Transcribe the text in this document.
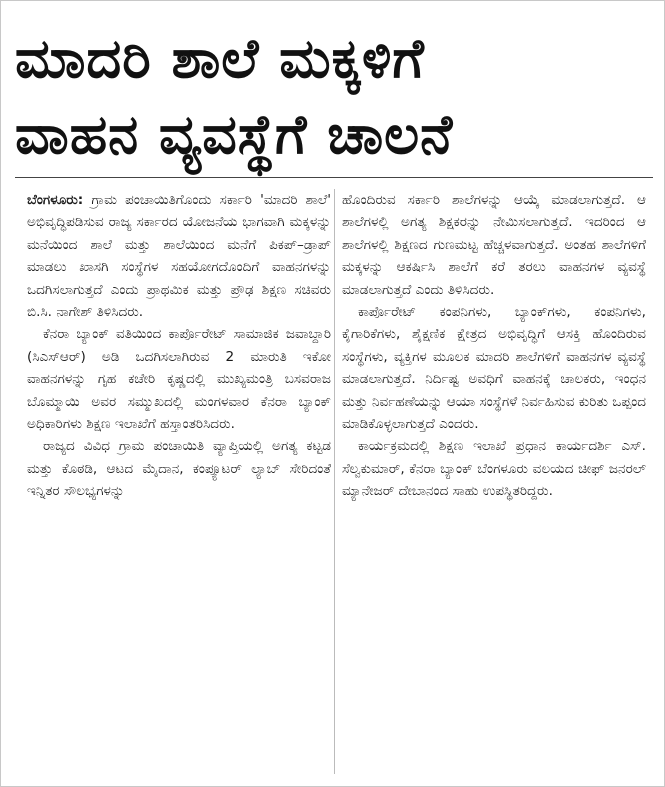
ಮಾದರಿ ಶಾಲೆ ಮಕ್ಕಳಿಗೆ
ವಾಹನ ವ್ಯವಸ್ಥೆಗೆ ಚಾಲನೆ

ಬೆಂಗಳೂರು: ಗ್ರಾಮ ಪಂಚಾಯಿತಿಗೊಂದು ಸರ್ಕಾರಿ 'ಮಾದರಿ ಶಾಲೆ' ಅಭಿವೃದ್ಧಿಪಡಿಸುವ ರಾಜ್ಯ ಸರ್ಕಾರದ ಯೋಜನೆಯ ಭಾಗವಾಗಿ ಮಕ್ಕಳನ್ನು ಮನೆಯಿಂದ ಶಾಲೆ ಮತ್ತು ಶಾಲೆಯಿಂದ ಮನೆಗೆ ಪಿಕಪ್–ಡ್ರಾಪ್ ಮಾಡಲು ಖಾಸಗಿ ಸಂಸ್ಥೆಗಳ ಸಹಯೋಗದೊಂದಿಗೆ ವಾಹನಗಳನ್ನು ಒದಗಿಸಲಾಗುತ್ತದೆ ಎಂದು ಪ್ರಾಥಮಿಕ ಮತ್ತು ಪ್ರೌಢ ಶಿಕ್ಷಣ ಸಚಿವರು ಬಿ.ಸಿ. ನಾಗೇಶ್ ತಿಳಿಸಿದರು.

ಕೆನರಾ ಬ್ಯಾಂಕ್ ವತಿಯಿಂದ ಕಾರ್ಪೊರೇಟ್ ಸಾಮಾಜಿಕ ಜವಾಬ್ದಾರಿ (ಸಿಎಸ್ಆರ್) ಅಡಿ ಒದಗಿಸಲಾಗಿರುವ 2 ಮಾರುತಿ ಇಕೋ ವಾಹನಗಳನ್ನು ಗೃಹ ಕಚೇರಿ ಕೃಷ್ಣದಲ್ಲಿ ಮುಖ್ಯಮಂತ್ರಿ ಬಸವರಾಜ ಬೊಮ್ಮಾಯಿ ಅವರ ಸಮ್ಮುಖದಲ್ಲಿ ಮಂಗಳವಾರ ಕೆನರಾ ಬ್ಯಾಂಕ್ ಅಧಿಕಾರಿಗಳು ಶಿಕ್ಷಣ ಇಲಾಖೆಗೆ ಹಸ್ತಾಂತರಿಸಿದರು.

ರಾಜ್ಯದ ವಿವಿಧ ಗ್ರಾಮ ಪಂಚಾಯಿತಿ ವ್ಯಾಪ್ತಿಯಲ್ಲಿ ಅಗತ್ಯ ಕಟ್ಟಡ ಮತ್ತು ಕೊಠಡಿ, ಆಟದ ಮೈದಾನ, ಕಂಪ್ಯೂಟರ್ ಲ್ಯಾಬ್ ಸೇರಿದಂತೆ ಇನ್ನಿತರ ಸೌಲಭ್ಯಗಳನ್ನು

ಹೊಂದಿರುವ ಸರ್ಕಾರಿ ಶಾಲೆಗಳನ್ನು ಆಯ್ಕೆ ಮಾಡಲಾಗುತ್ತದೆ. ಆ ಶಾಲೆಗಳಲ್ಲಿ ಅಗತ್ಯ ಶಿಕ್ಷಕರನ್ನು ನೇಮಿಸಲಾಗುತ್ತದೆ. ಇದರಿಂದ ಆ ಶಾಲೆಗಳಲ್ಲಿ ಶಿಕ್ಷಣದ ಗುಣಮಟ್ಟ ಹೆಚ್ಚಳವಾಗುತ್ತದೆ. ಅಂತಹ ಶಾಲೆಗಳಿಗೆ ಮಕ್ಕಳನ್ನು ಆಕರ್ಷಿಸಿ ಶಾಲೆಗೆ ಕರೆ ತರಲು ವಾಹನಗಳ ವ್ಯವಸ್ಥೆ ಮಾಡಲಾಗುತ್ತದೆ ಎಂದು ತಿಳಿಸಿದರು.

ಕಾರ್ಪೊರೇಟ್ ಕಂಪನಿಗಳು, ಬ್ಯಾಂಕ್‌ಗಳು, ಕಂಪನಿಗಳು, ಕೈಗಾರಿಕೆಗಳು, ಶೈಕ್ಷಣಿಕ ಕ್ಷೇತ್ರದ ಅಭಿವೃದ್ಧಿಗೆ ಆಸಕ್ತಿ ಹೊಂದಿರುವ ಸಂಸ್ಥೆಗಳು, ವ್ಯಕ್ತಿಗಳ ಮೂಲಕ ಮಾದರಿ ಶಾಲೆಗಳಿಗೆ ವಾಹನಗಳ ವ್ಯವಸ್ಥೆ ಮಾಡಲಾಗುತ್ತದೆ. ನಿರ್ದಿಷ್ಟ ಅವಧಿಗೆ ವಾಹನಕ್ಕೆ ಚಾಲಕರು, ಇಂಧನ ಮತ್ತು ನಿರ್ವಹಣೆಯನ್ನು ಆಯಾ ಸಂಸ್ಥೆಗಳೆ ನಿರ್ವಹಿಸುವ ಕುರಿತು ಒಪ್ಪಂದ ಮಾಡಿಕೊಳ್ಳಲಾಗುತ್ತದೆ ಎಂದರು.

ಕಾರ್ಯಕ್ರಮದಲ್ಲಿ ಶಿಕ್ಷಣ ಇಲಾಖೆ ಪ್ರಧಾನ ಕಾರ್ಯದರ್ಶಿ ಎಸ್. ಸೆಲ್ವಕುಮಾರ್, ಕೆನರಾ ಬ್ಯಾಂಕ್ ಬೆಂಗಳೂರು ವಲಯದ ಚೀಫ್ ಜನರಲ್ ಮ್ಯಾನೇಜರ್ ದೇಬಾನಂದ ಸಾಹು ಉಪಸ್ಥಿತರಿದ್ದರು.
